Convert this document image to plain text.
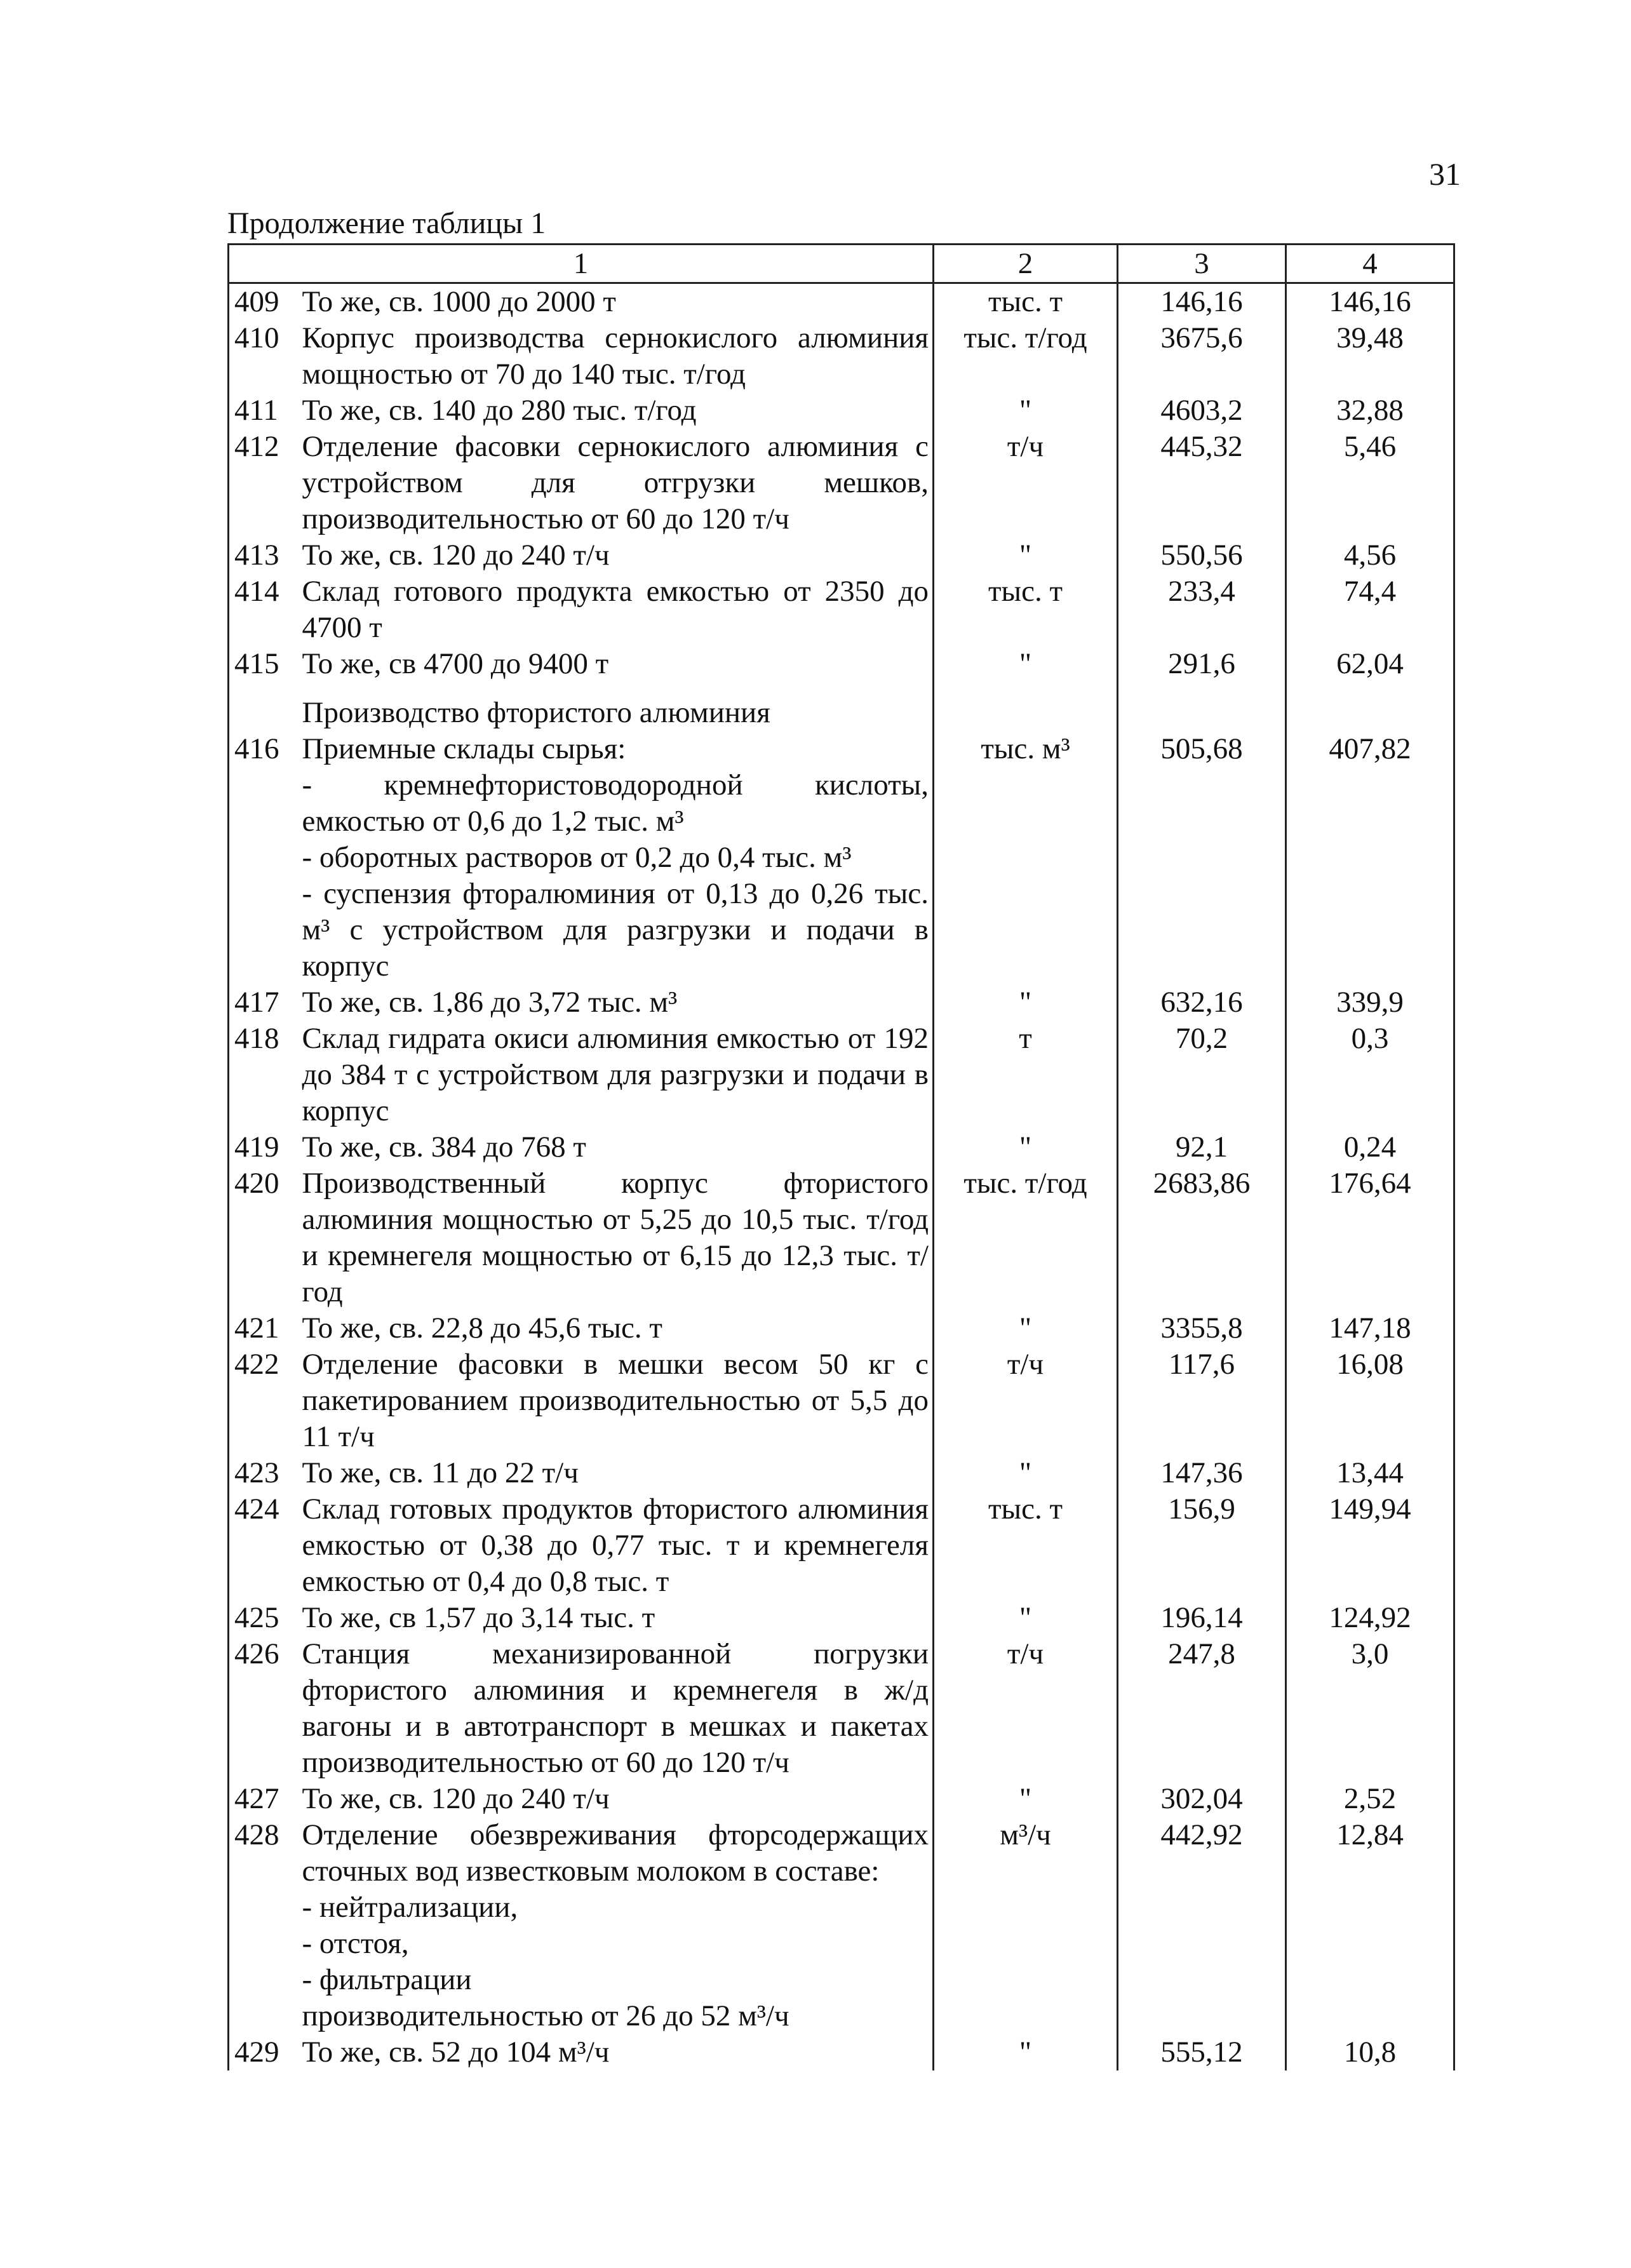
31
Продолжение таблицы 1
1		2	3	4
409	То же, св. 1000 до 2000 т	тыс. т	146,16	146,16
410	Корпус производства сернокислого алюминия мощностью от 70 до 140 тыс. т/год	тыс. т/год	3675,6	39,48
411	То же, св. 140 до 280 тыс. т/год	"	4603,2	32,88
412	Отделение фасовки сернокислого алюминия с устройством для отгрузки мешков, производительностью от 60 до 120 т/ч	т/ч	445,32	5,46
413	То же, св. 120 до 240 т/ч	"	550,56	4,56
414	Склад готового продукта емкостью от 2350 до 4700 т	тыс. т	233,4	74,4
415	То же, св 4700 до 9400 т	"	291,6	62,04
	Производство фтористого алюминия			
416	Приемные склады сырья:	тыс. м³	505,68	407,82
	- кремнефтористоводородной кислоты, емкостью от 0,6 до 1,2 тыс. м³			
	- оборотных растворов от 0,2 до 0,4 тыс. м³			
	- суспензия фторалюминия от 0,13 до 0,26 тыс. м³ с устройством для разгрузки и подачи в корпус			
417	То же, св. 1,86 до 3,72 тыс. м³	"	632,16	339,9
418	Склад гидрата окиси алюминия емкостью от 192 до 384 т с устройством для разгрузки и подачи в корпус	т	70,2	0,3
419	То же, св. 384 до 768 т	"	92,1	0,24
420	Производственный корпус фтористого алюминия мощностью от 5,25 до 10,5 тыс. т/год и кремнегеля мощностью от 6,15 до 12,3 тыс. т/год	тыс. т/год	2683,86	176,64
421	То же, св. 22,8 до 45,6 тыс. т	"	3355,8	147,18
422	Отделение фасовки в мешки весом 50 кг с пакетированием производительностью от 5,5 до 11 т/ч	т/ч	117,6	16,08
423	То же, св. 11 до 22 т/ч	"	147,36	13,44
424	Склад готовых продуктов фтористого алюминия емкостью от 0,38 до 0,77 тыс. т и кремнегеля емкостью от 0,4 до 0,8 тыс. т	тыс. т	156,9	149,94
425	То же, св 1,57 до 3,14 тыс. т	"	196,14	124,92
426	Станция механизированной погрузки фтористого алюминия и кремнегеля в ж/д вагоны и в автотранспорт в мешках и пакетах производительностью от 60 до 120 т/ч	т/ч	247,8	3,0
427	То же, св. 120 до 240 т/ч	"	302,04	2,52
428	Отделение обезвреживания фторсодержащих сточных вод известковым молоком в составе:	м³/ч	442,92	12,84
	- нейтрализации,			
	- отстоя,			
	- фильтрации			
	производительностью от 26 до 52 м³/ч			
429	То же, св. 52 до 104 м³/ч	"	555,12	10,8
